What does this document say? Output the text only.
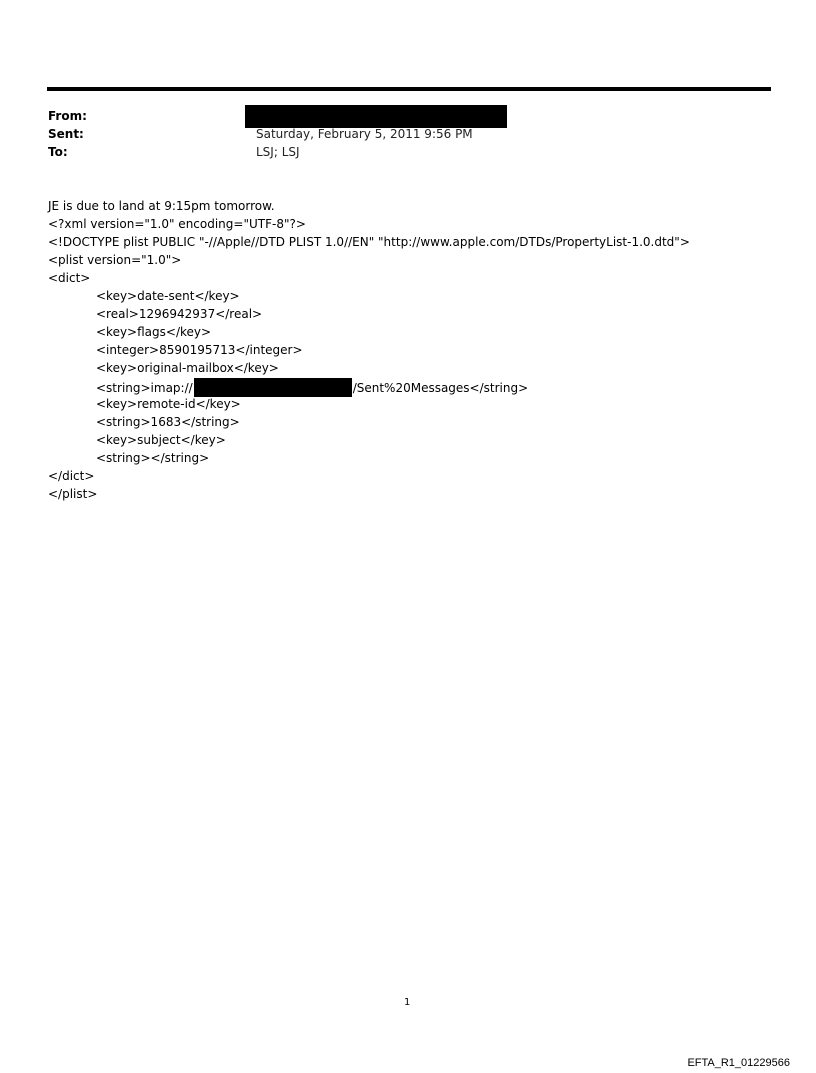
From:
Sent:	Saturday, February 5, 2011 9:56 PM
To:	LSJ; LSJ
JE is due to land at 9:15pm tomorrow.
<?xml version="1.0" encoding="UTF-8"?>
<!DOCTYPE plist PUBLIC "-//Apple//DTD PLIST 1.0//EN" "http://www.apple.com/DTDs/PropertyList-1.0.dtd">
<plist version="1.0">
<dict>
<key>date-sent</key>
<real>1296942937</real>
<key>flags</key>
<integer>8590195713</integer>
<key>original-mailbox</key>
<string>imap://	/Sent%20Messages</string>
<key>remote-id</key>
<string>1683</string>
<key>subject</key>
<string></string>
</dict>
</plist>
1
EFTA_R1_01229566
